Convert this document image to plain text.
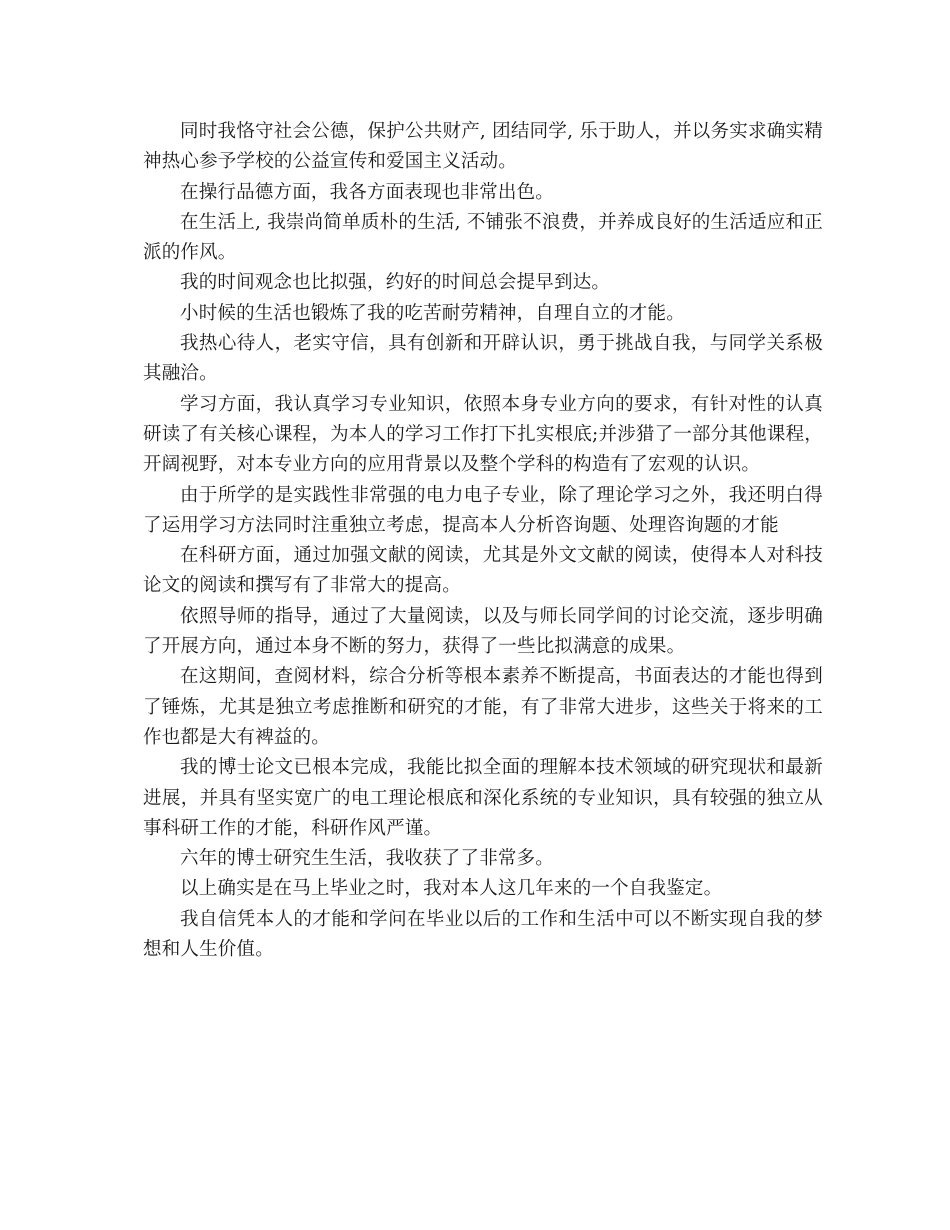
同时我恪守社会公德，保护公共财产, 团结同学, 乐于助人，并以务实求确实精神热心参予学校的公益宣传和爱国主义活动。

在操行品德方面，我各方面表现也非常出色。

在生活上, 我崇尚简单质朴的生活, 不铺张不浪费，并养成良好的生活适应和正派的作风。

我的时间观念也比拟强，约好的时间总会提早到达。

小时候的生活也锻炼了我的吃苦耐劳精神，自理自立的才能。

我热心待人，老实守信，具有创新和开辟认识，勇于挑战自我，与同学关系极其融洽。

学习方面，我认真学习专业知识，依照本身专业方向的要求，有针对性的认真研读了有关核心课程，为本人的学习工作打下扎实根底;并涉猎了一部分其他课程，开阔视野，对本专业方向的应用背景以及整个学科的构造有了宏观的认识。

由于所学的是实践性非常强的电力电子专业，除了理论学习之外，我还明白得了运用学习方法同时注重独立考虑，提高本人分析咨询题、处理咨询题的才能

在科研方面，通过加强文献的阅读，尤其是外文文献的阅读，使得本人对科技论文的阅读和撰写有了非常大的提高。

依照导师的指导，通过了大量阅读，以及与师长同学间的讨论交流，逐步明确了开展方向，通过本身不断的努力，获得了一些比拟满意的成果。

在这期间，查阅材料，综合分析等根本素养不断提高，书面表达的才能也得到了锤炼，尤其是独立考虑推断和研究的才能，有了非常大进步，这些关于将来的工作也都是大有裨益的。

我的博士论文已根本完成，我能比拟全面的理解本技术领域的研究现状和最新进展，并具有坚实宽广的电工理论根底和深化系统的专业知识，具有较强的独立从事科研工作的才能，科研作风严谨。

六年的博士研究生生活，我收获了了非常多。

以上确实是在马上毕业之时，我对本人这几年来的一个自我鉴定。

我自信凭本人的才能和学问在毕业以后的工作和生活中可以不断实现自我的梦想和人生价值。
